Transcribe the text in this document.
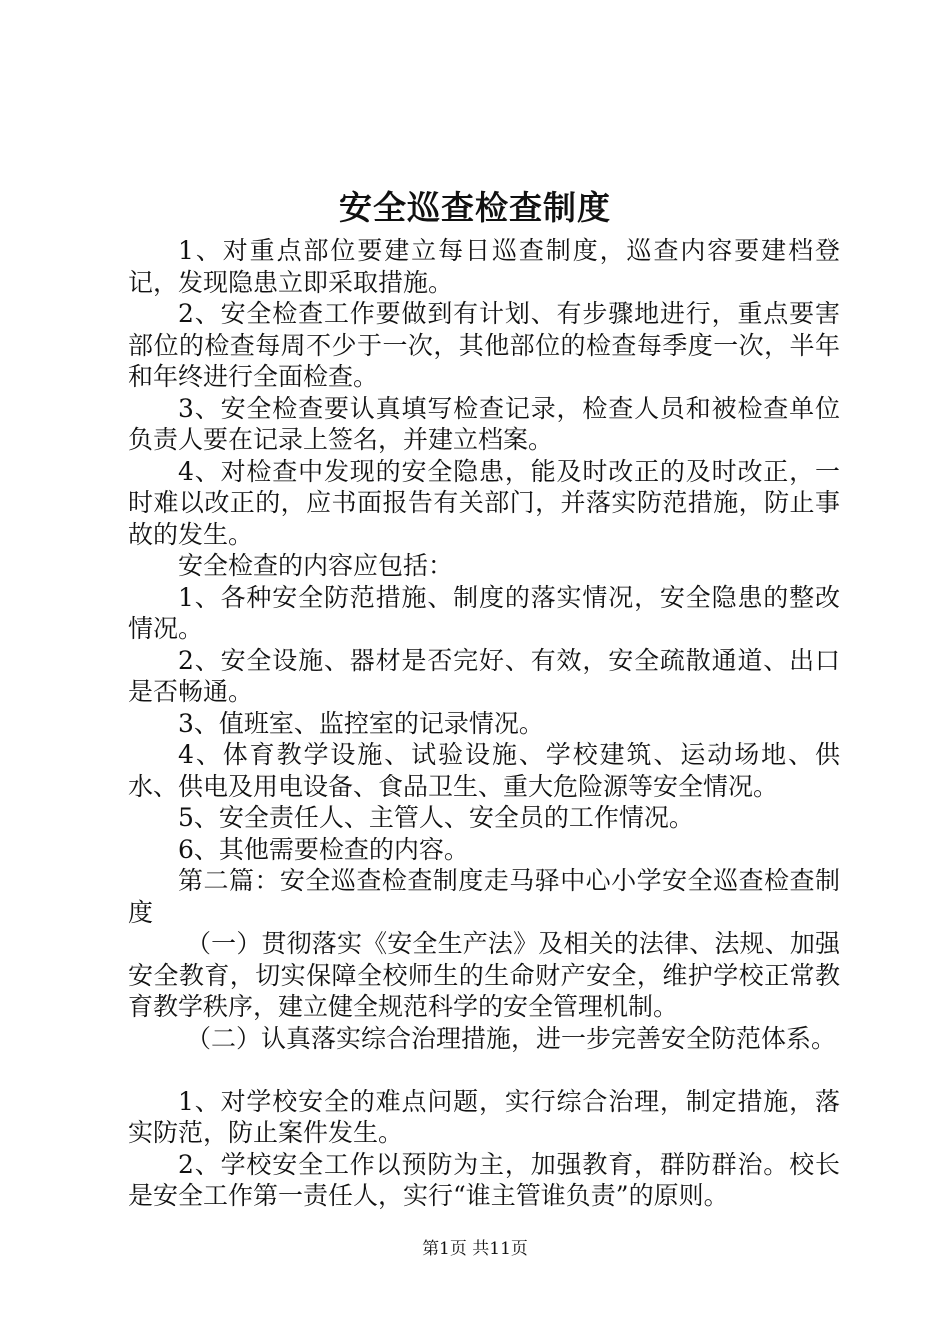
安全巡查检查制度

1、对重点部位要建立每日巡查制度，巡查内容要建档登记，发现隐患立即采取措施。

2、安全检查工作要做到有计划、有步骤地进行，重点要害部位的检查每周不少于一次，其他部位的检查每季度一次，半年和年终进行全面检查。

3、安全检查要认真填写检查记录，检查人员和被检查单位负责人要在记录上签名，并建立档案。

4、对检查中发现的安全隐患，能及时改正的及时改正，一时难以改正的，应书面报告有关部门，并落实防范措施，防止事故的发生。

安全检查的内容应包括：

1、各种安全防范措施、制度的落实情况，安全隐患的整改情况。

2、安全设施、器材是否完好、有效，安全疏散通道、出口是否畅通。

3、值班室、监控室的记录情况。

4、体育教学设施、试验设施、学校建筑、运动场地、供水、供电及用电设备、食品卫生、重大危险源等安全情况。

5、安全责任人、主管人、安全员的工作情况。

6、其他需要检查的内容。

第二篇：安全巡查检查制度走马驿中心小学安全巡查检查制度

（一）贯彻落实《安全生产法》及相关的法律、法规、加强安全教育，切实保障全校师生的生命财产安全，维护学校正常教育教学秩序，建立健全规范科学的安全管理机制。

（二）认真落实综合治理措施，进一步完善安全防范体系。

1、对学校安全的难点问题，实行综合治理，制定措施，落实防范，防止案件发生。

2、学校安全工作以预防为主，加强教育，群防群治。校长是安全工作第一责任人，实行“谁主管谁负责”的原则。

第1页 共11页
